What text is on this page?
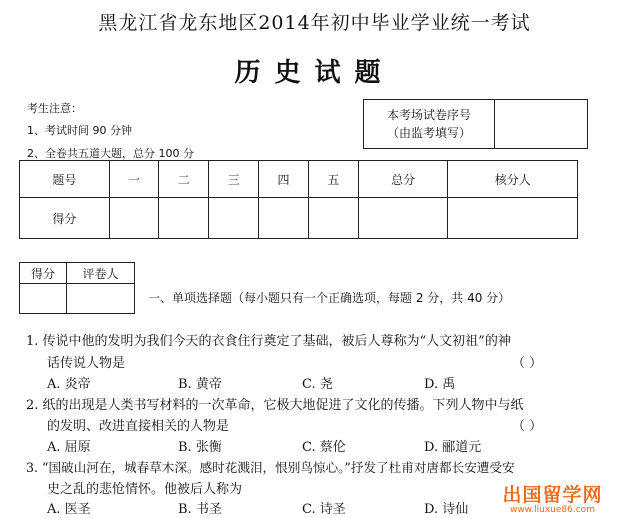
黑龙江省龙东地区2014年初中毕业学业统一考试
历史试题
考生注意：
1、考试时间 90 分钟
2、全卷共五道大题，总分 100 分
本考场试卷序号
（由监考填写）

题号	一	二	三	四	五	总分	核分人
得分							
得分	评卷人

一、单项选择题（每小题只有一个正确选项，每题 2 分，共 40 分）
1. 传说中他的发明为我们今天的衣食住行奠定了基础，被后人尊称为“人文初祖”的神
话传说人物是	（ ）
A. 炎帝	B. 黄帝	C. 尧	D. 禹
2. 纸的出现是人类书写材料的一次革命，它极大地促进了文化的传播。下列人物中与纸
的发明、改进直接相关的人物是	（ ）
A. 屈原	B. 张衡	C. 蔡伦	D. 郦道元
3. “国破山河在，城春草木深。感时花溅泪，恨别鸟惊心。”抒发了杜甫对唐都长安遭受安
史之乱的悲怆情怀。他被后人称为
A. 医圣	B. 书圣	C. 诗圣	D. 诗仙
出国留学网
www.liuxue86.com
